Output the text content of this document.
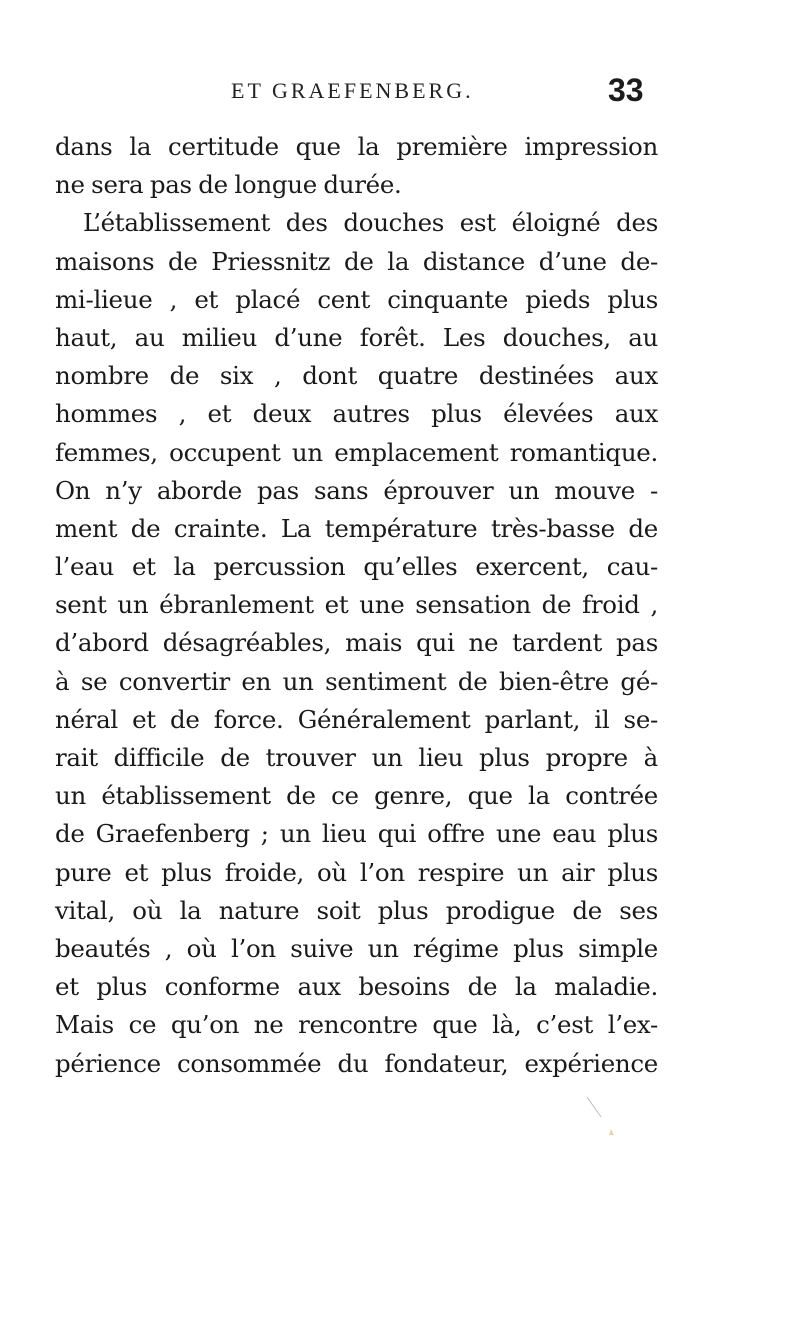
ET GRAEFENBERG.	33
dans la certitude que la première impression
ne sera pas de longue durée.
L’établissement des douches est éloigné des
maisons de Priessnitz de la distance d’une de-
mi-lieue , et placé cent cinquante pieds plus
haut, au milieu d’une forêt. Les douches, au
nombre de six , dont quatre destinées aux
hommes , et deux autres plus élevées aux
femmes, occupent un emplacement romantique.
On n’y aborde pas sans éprouver un mouve -
ment de crainte. La température très-basse de
l’eau et la percussion qu’elles exercent, cau-
sent un ébranlement et une sensation de froid ,
d’abord désagréables, mais qui ne tardent pas
à se convertir en un sentiment de bien-être gé-
néral et de force. Généralement parlant, il se-
rait difficile de trouver un lieu plus propre à
un établissement de ce genre, que la contrée
de Graefenberg ; un lieu qui offre une eau plus
pure et plus froide, où l’on respire un air plus
vital, où la nature soit plus prodigue de ses
beautés , où l’on suive un régime plus simple
et plus conforme aux besoins de la maladie.
Mais ce qu’on ne rencontre que là, c’est l’ex-
périence consommée du fondateur, expérience
